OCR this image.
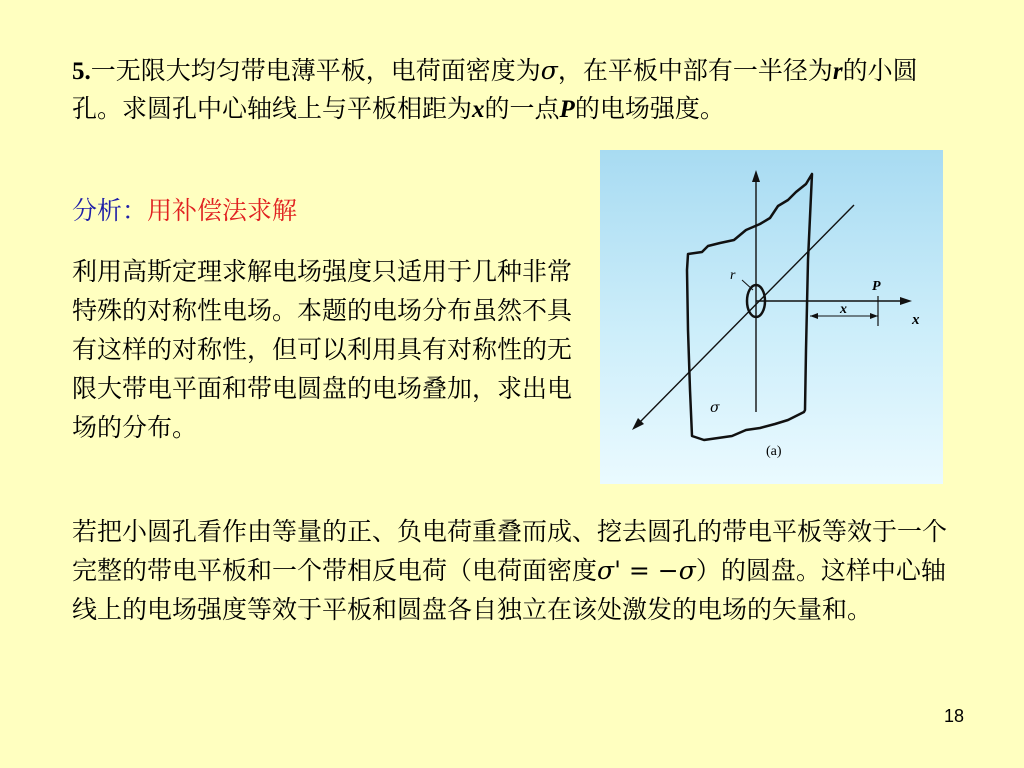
5.一无限大均匀带电薄平板，电荷面密度为σ，在平板中部有一半径为r的小圆孔。求圆孔中心轴线上与平板相距为x的一点P的电场强度。

分析：用补偿法求解

利用高斯定理求解电场强度只适用于几种非常特殊的对称性电场。本题的电场分布虽然不具有这样的对称性，但可以利用具有对称性的无限大带电平面和带电圆盘的电场叠加，求出电场的分布。

若把小圆孔看作由等量的正、负电荷重叠而成、挖去圆孔的带电平板等效于一个完整的带电平板和一个带相反电荷（电荷面密度σ' = −σ）的圆盘。这样中心轴线上的电场强度等效于平板和圆盘各自独立在该处激发的电场的矢量和。

r
P
x
x
σ
(a)
18
